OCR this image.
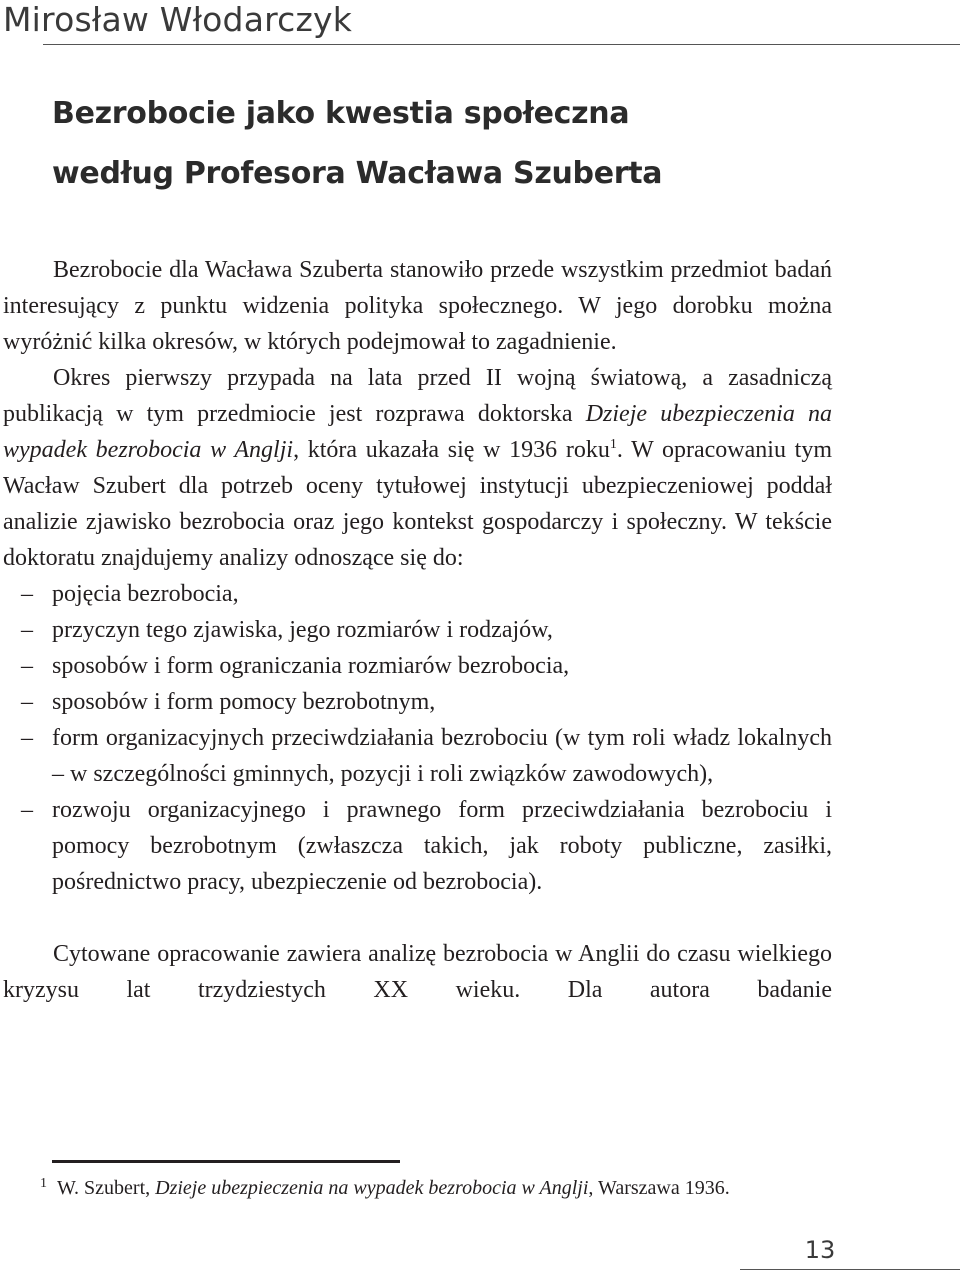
Mirosław Włodarczyk
Bezrobocie jako kwestia społeczna
według Profesora Wacława Szuberta
Bezrobocie dla Wacława Szuberta stanowiło przede wszystkim przedmiot badań interesujący z punktu widzenia polityka społecznego. W jego dorobku można wyróżnić kilka okresów, w których podejmował to zagadnienie.
Okres pierwszy przypada na lata przed II wojną światową, a zasadniczą publikacją w tym przedmiocie jest rozprawa doktorska Dzieje ubezpieczenia na wypadek bezrobocia w Anglji, która ukazała się w 1936 roku$^1$. W opracowaniu tym Wacław Szubert dla potrzeb oceny tytułowej instytucji ubezpieczeniowej poddał analizie zjawisko bezrobocia oraz jego kontekst gospodarczy i społeczny. W tekście doktoratu znajdujemy analizy odnoszące się do:
– pojęcia bezrobocia,
– przyczyn tego zjawiska, jego rozmiarów i rodzajów,
– sposobów i form ograniczania rozmiarów bezrobocia,
– sposobów i form pomocy bezrobotnym,
– form organizacyjnych przeciwdziałania bezrobociu (w tym roli władz lokalnych – w szczególności gminnych, pozycji i roli związków zawodowych),
– rozwoju organizacyjnego i prawnego form przeciwdziałania bezrobociu i pomocy bezrobotnym (zwłaszcza takich, jak roboty publiczne, zasiłki, pośrednictwo pracy, ubezpieczenie od bezrobocia).
Cytowane opracowanie zawiera analizę bezrobocia w Anglii do czasu wielkiego kryzysu lat trzydziestych XX wieku. Dla autora badanie
$^1$ W. Szubert, Dzieje ubezpieczenia na wypadek bezrobocia w Anglji, Warszawa 1936.
13
